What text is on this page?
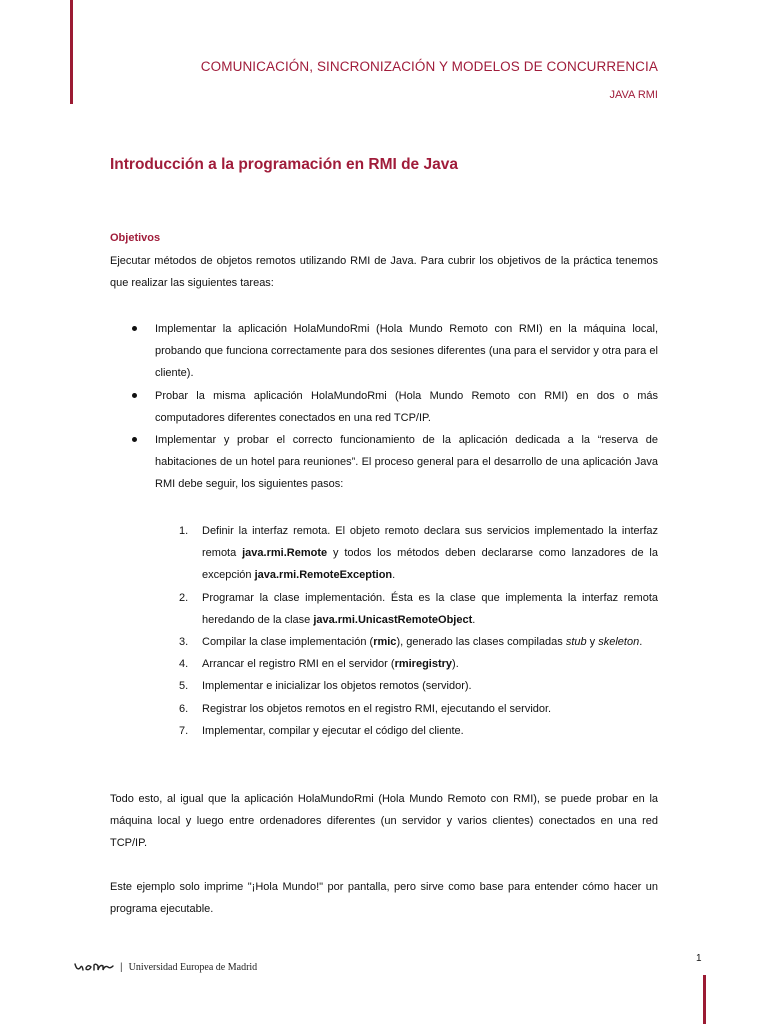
COMUNICACIÓN, SINCRONIZACIÓN Y MODELOS DE CONCURRENCIA
JAVA RMI
Introducción a la programación en RMI de Java
Objetivos
Ejecutar métodos de objetos remotos utilizando RMI de Java. Para cubrir los objetivos de la práctica tenemos que realizar las siguientes tareas:
Implementar la aplicación HolaMundoRmi (Hola Mundo Remoto con RMI) en la máquina local, probando que funciona correctamente para dos sesiones diferentes (una para el servidor y otra para el cliente).
Probar la misma aplicación HolaMundoRmi (Hola Mundo Remoto con RMI) en dos o más computadores diferentes conectados en una red TCP/IP.
Implementar y probar el correcto funcionamiento de la aplicación dedicada a la “reserva de habitaciones de un hotel para reuniones”. El proceso general para el desarrollo de una aplicación Java RMI debe seguir, los siguientes pasos:
1. Definir la interfaz remota. El objeto remoto declara sus servicios implementado la interfaz remota java.rmi.Remote y todos los métodos deben declararse como lanzadores de la excepción java.rmi.RemoteException.
2. Programar la clase implementación. Ésta es la clase que implementa la interfaz remota heredando de la clase java.rmi.UnicastRemoteObject.
3. Compilar la clase implementación (rmic), generado las clases compiladas stub y skeleton.
4. Arrancar el registro RMI en el servidor (rmiregistry).
5. Implementar e inicializar los objetos remotos (servidor).
6. Registrar los objetos remotos en el registro RMI, ejecutando el servidor.
7. Implementar, compilar y ejecutar el código del cliente.
Todo esto, al igual que la aplicación HolaMundoRmi (Hola Mundo Remoto con RMI), se puede probar en la máquina local y luego entre ordenadores diferentes (un servidor y varios clientes) conectados en una red TCP/IP.
Este ejemplo solo imprime "¡Hola Mundo!" por pantalla, pero sirve como base para entender cómo hacer un programa ejecutable.
| Universidad Europea de Madrid
1
